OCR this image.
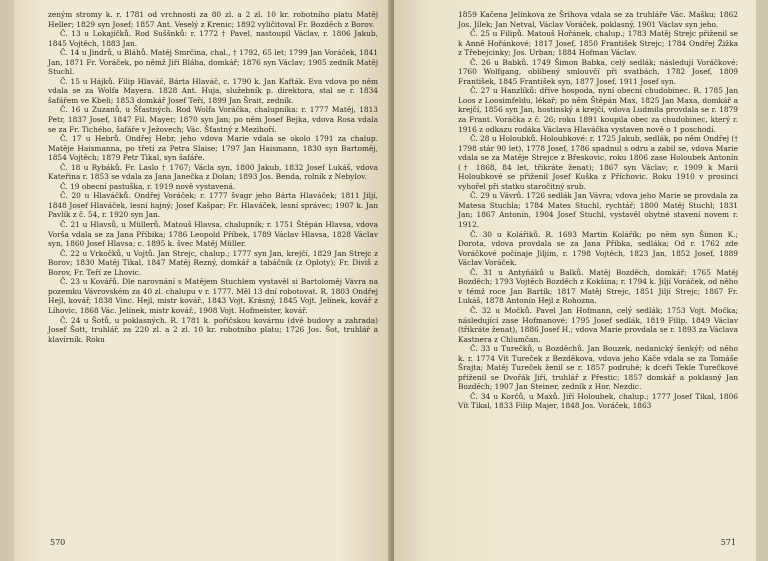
zeným stromy k. r. 1781 od vrchnosti za 80 zl. a 2 zl. 10 kr. robotního platu Matěj Heller; 1829 syn Josef; 1857 Ant. Veselý z Krenic; 1892 vyličitoval Fr. Bozděch z Borov.

Č. 13 u Lokajíčků. Rod Suššnků: r. 1772 † Pavel, nastoupil Václav, r. 1806 Jakub, 1845 Vojtěch, 1883 Jan.

Č. 14 u Jindrů, u Bláhů. Matěj Smrčina, chal., † 1792, 65 let; 1799 Jan Voráček, 1841 Jan, 1871 Fr. Voráček, po němž Jiří Bláha, domkář; 1876 syn Václav; 1905 zedník Matěj Stuchl.

Č. 15 u Hájků. Filip Hlaváč, Bárta Hlaváč, c. 1790 k. Jan Kafták. Eva vdova po něm vdala se za Wolfa Mayera. 1828 Ant. Huja, služebník p. direktora, stal se r. 1834 šafářem ve Kbeli; 1853 domkář Josef Teří, 1899 Jan Šrait, zedník.

Č. 16 u Zuzanů, u Šťastných. Rod Wolfa Voráčka, chalupníka: r. 1777 Matěj, 1813 Petr, 1837 Josef, 1847 Fil. Mayer; 1870 syn Jan; po něm Josef Bejka, vdova Rosa vdala se za Fr. Tichého, šafáře v Ježovech; Vác. Šťastný z Mezihoří.

Č. 17 u Hebrů. Ondřej Hebr, jeho vdova Marie vdala se okolo 1791 za chalup. Matěje Haismanna, po třetí za Petra Slaise; 1797 Jan Haismann, 1830 syn Bartoměj, 1854 Vojtěch; 1879 Petr Tikal, syn šafáře.

Č. 18 u Rybáků. Fr. Laslo † 1767; Václa syn, 1800 Jakub, 1832 Josef Lukáš, vdova Kateřina r. 1853 se vdala za Jana Janečka z Dolan; 1893 Jos. Benda, rolník z Nebylov.

Č. 19 obecní pastuška, r. 1919 nově vystavená.

Č. 20 u Hlaváčků. Ondřej Voráček; r. 1777 švagr jeho Bárta Hlaváček; 1811 Jiljí, 1848 Josef Hlaváček, lesní hajný; Josef Kašpar; Fr. Hlaváček, lesní správec; 1907 k. Jan Pavlík z č. 54, r. 1920 syn Jan.

Č. 21 u Hlavsů, u Müllerů. Matouš Hlavsa, chalupník; r. 1751 Štěpán Hlavsa, vdova Vorša vdala se za Jana Příbika; 1786 Leopold Příbek, 1789 Václav Hlavsa, 1828 Václav syn, 1860 Josef Hlavsa; c. 1895 k. švec Matěj Müller.

Č. 22 u Vrkočků, u Vojtů. Jan Strejc, chalup.; 1777 syn Jan, krejčí, 1829 Jan Strejc z Borov; 1830 Matěj Tikal, 1847 Matěj Rezný, domkář a tabáčník (z Oploty); Fr. Diviš z Borov, Fr. Teří ze Lhovic.

Č. 23 u Kovářů. Dle narovnání s Matějem Stuchlem vystavěl si Bartoloměj Vávra na pozemku Vávrovském za 40 zl. chalupu v r. 1777. Měl 13 dní robotovat. R. 1803 Ondřej Hejl, kovář, 1838 Vinc. Hejl, mistr kovář., 1843 Vojt. Krásný, 1845 Vojt. Jelínek, kovář z Líhovic, 1868 Vác. Jelínek, mistr kovář., 1908 Vojt. Hofmeister, kovář.

Č. 24 u Šotů, u poklasných. R. 1781 k. pořičskou kovárnu (dvě budovy a zahrada) Josef Šott, truhlář, za 220 zl. a 2 zl. 10 kr. robotního platu; 1726 Jos. Šot, truhlář a klavírník. Roku

570

1859 Kačena Jelínkova ze Šrihova vdala se za truhláře Vác. Mašku; 1862 Jos. Jílek; Jan Netval, Václav Voráček, poklasný, 1901 Václav syn jeho.

Č. 25 u Filipů. Matouš Hořánek, chalup.; 1783 Matěj Strejc přiženil se k Anně Hořánkové; 1817 Josef, 1850 František Strejc; 1784 Ondřej Žižka z Třebejcinky; Jos. Urban; 1884 Hofman Václav.

Č. 26 u Babků. 1749 Šimon Babka, celý sedlák; následují Voráčkové: 1760 Wolfgang, oblíbený smlouvčí při svatbách, 1782 Josef, 1809 František, 1845 František syn, 1877 Josef, 1911 Josef syn.

Č. 27 u Hanzlíků: dříve hospoda, nyní obecní chudobinec. R. 1785 Jan Loos z Loosimfeldu, lékař; po něm Štěpán Max, 1825 Jan Maxa, domkář a krejčí, 1856 syn Jan, hostinský a krejčí, vdova Ludmila provdala se r. 1879 za Frant. Voráčka z č. 26; roku 1891 koupila obec za chudobinec, který r. 1916 z odkazu rodáka Václava Hlaváčka vystaven nově o 1 poschodí.

Č. 28 u Holoubků. Holoubkové: r. 1725 Jakub, sedlák, po něm Ondřej († 1798 stár 90 let), 1778 Josef, 1786 spadnul s odru a zabil se, vdova Marie vdala se za Matěje Strejce z Břeskovic, roku 1806 zase Holoubek Antonín († 1868, 84 let, třikráte ženat); 1867 syn Václav; r. 1909 k Marii Holoubkové se přiženil Josef Kuška z Příchovic. Roku 1910 v prosinci vyhořel při statku staročitný srub.

Č. 29 u Vávrů. 1726 sedlák Jan Vávra; vdova jeho Marie se provdala za Matesa Stuchla; 1784 Mates Stuchl, rychtář; 1800 Matěj Stuchl; 1831 Jan; 1867 Antonín, 1904 Josef Stuchl, vystavěl obytné stavení novem r. 1912.

Č. 30 u Kolářiků. R. 1693 Martin Kolářík; po něm syn Šimon K.; Dorota, vdova provdala se za Jana Příbka, sedláka; Od r. 1762 zde Voráčkové počínaje Jiljím, r. 1798 Vojtěch, 1823 Jan, 1852 Josef, 1889 Václav Voráček.

Č. 31 u Antyňáků u Balků. Matěj Bozděch, domkář; 1765 Matěj Bozděch; 1793 Vojtěch Bozděch z Kokšína; r. 1794 k. Jiljí Voráček, od něho v témž roce Jan Bartík; 1817 Matěj Strejc, 1851 Jiljí Strejc; 1867 Fr. Lukáš, 1878 Antonín Hejl z Rohozna.

Č. 32 u Močků. Pavel Jan Hofmann, celý sedlák; 1753 Vojt. Močka; následující zase Hofmanové; 1795 Josef sedlák, 1819 Filip, 1849 Václav (třikráte ženat), 1886 Josef H.; vdova Marie provdala se r. 1893 za Václava Kastnera z Chlumčan.

Č. 33 u Turečků, u Bozděchů. Jan Bouzek, nedanický šenkýř; od něho k. r. 1774 Vít Tureček z Bezděkova, vdova jeho Káče vdala se za Tomáše Šrajta; Matěj Tureček ženil se r. 1857 podruhé; k dceři Tekle Turečkové přiženil se Dvořák Jiří, truhlář z Přestic; 1857 domkář a poklasný Jan Bozděch; 1907 Jan Steiner, zedník z Hor. Nezdic.

Č. 34 u Korčů, u Maxů. Jiří Holoubek, chalup.; 1777 Josef Tikal, 1806 Vít Tikal, 1833 Filip Majer, 1848 Jos. Voráček, 1863

571
